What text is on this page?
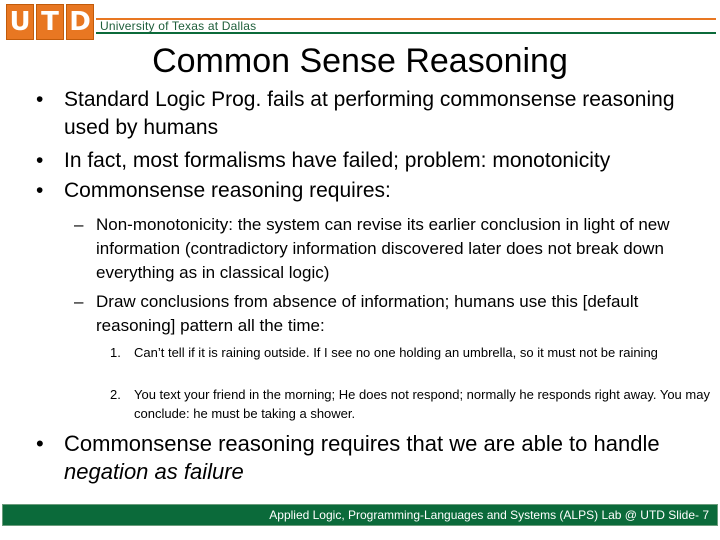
U T D University of Texas at Dallas
Common Sense Reasoning
• Standard Logic Prog. fails at performing commonsense reasoning used by humans
• In fact, most formalisms have failed; problem: monotonicity
• Commonsense reasoning requires:
– Non-monotonicity: the system can revise its earlier conclusion in light of new information (contradictory information discovered later does not break down everything as in classical logic)
– Draw conclusions from absence of information; humans use this [default reasoning] pattern all the time:
1. Can’t tell if it is raining outside. If I see no one holding an umbrella, so it must not be raining
2. You text your friend in the morning; He does not respond; normally he responds right away. You may conclude: he must be taking a shower.
• Commonsense reasoning requires that we are able to handle negation as failure
Applied Logic, Programming-Languages and Systems (ALPS) Lab @ UTD Slide- 7
